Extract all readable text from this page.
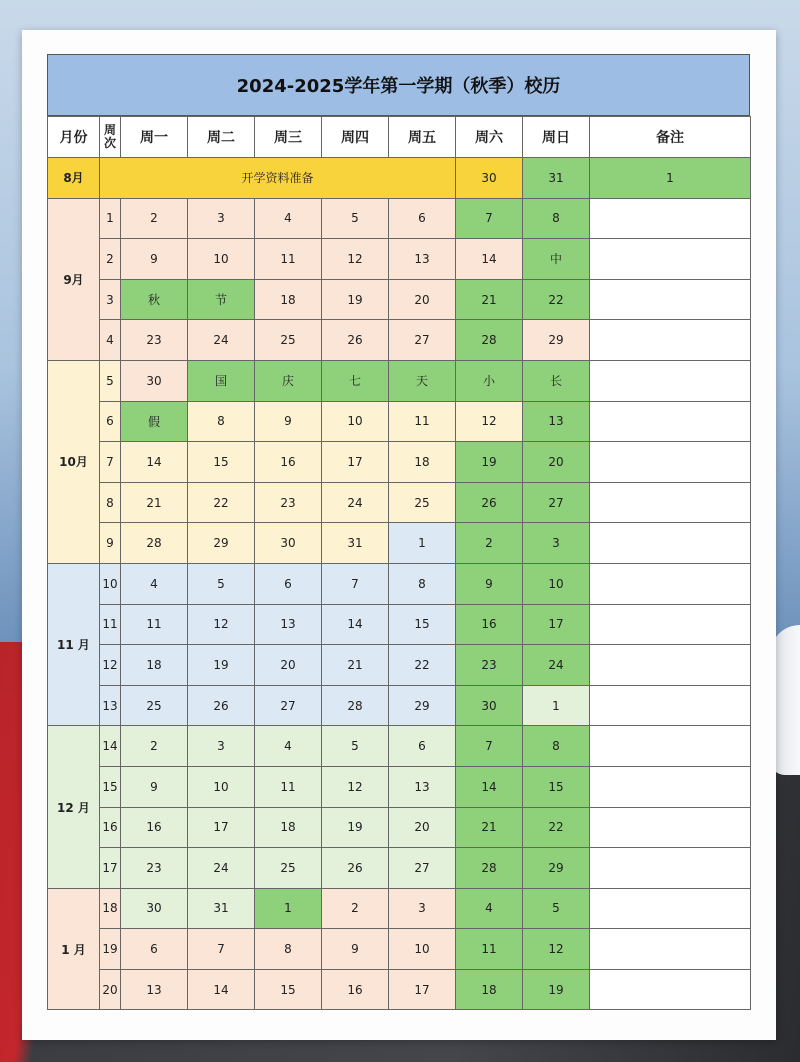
2024-2025学年第一学期（秋季）校历
月份	周次	周一	周二	周三	周四	周五	周六	周日	备注	
8月	开学资料准备						30	31	1	
9月	1	2	3	4	5	6	7	8		
	2	9	10	11	12	13	14	中		
	3	秋	节	18	19	20	21	22		
	4	23	24	25	26	27	28	29		
10月	5	30	国	庆	七	天	小	长		
	6	假	8	9	10	11	12	13		
	7	14	15	16	17	18	19	20		
	8	21	22	23	24	25	26	27		
	9	28	29	30	31	1	2	3		
11 月	10	4	5	6	7	8	9	10		
	11	11	12	13	14	15	16	17		
	12	18	19	20	21	22	23	24		
	13	25	26	27	28	29	30	1		
12 月	14	2	3	4	5	6	7	8		
	15	9	10	11	12	13	14	15		
	16	16	17	18	19	20	21	22		
	17	23	24	25	26	27	28	29		
1 月	18	30	31	1	2	3	4	5		
	19	6	7	8	9	10	11	12		
	20	13	14	15	16	17	18	19		
